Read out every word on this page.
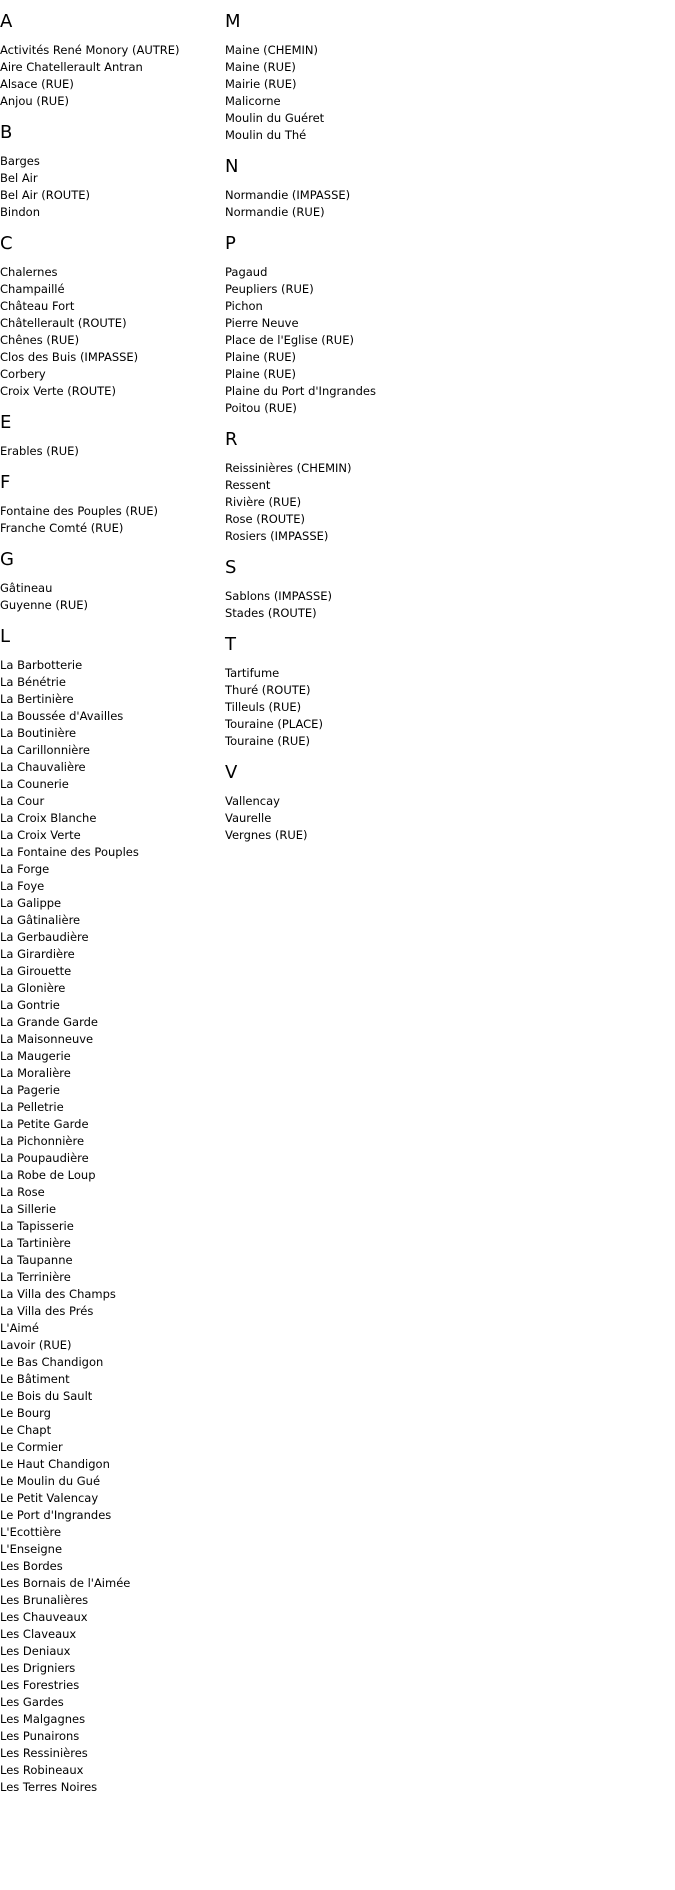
A
Activités René Monory (AUTRE)
Aire Chatellerault Antran
Alsace (RUE)
Anjou (RUE)
B
Barges
Bel Air
Bel Air (ROUTE)
Bindon
C
Chalernes
Champaillé
Château Fort
Châtellerault (ROUTE)
Chênes (RUE)
Clos des Buis (IMPASSE)
Corbery
Croix Verte (ROUTE)
E
Erables (RUE)
F
Fontaine des Pouples (RUE)
Franche Comté (RUE)
G
Gâtineau
Guyenne (RUE)
L
La Barbotterie
La Bénétrie
La Bertinière
La Boussée d'Availles
La Boutinière
La Carillonnière
La Chauvalière
La Counerie
La Cour
La Croix Blanche
La Croix Verte
La Fontaine des Pouples
La Forge
La Foye
La Galippe
La Gâtinalière
La Gerbaudière
La Girardière
La Girouette
La Glonière
La Gontrie
La Grande Garde
La Maisonneuve
La Maugerie
La Moralière
La Pagerie
La Pelletrie
La Petite Garde
La Pichonnière
La Poupaudière
La Robe de Loup
La Rose
La Sillerie
La Tapisserie
La Tartinière
La Taupanne
La Terrinière
La Villa des Champs
La Villa des Prés
L'Aimé
Lavoir (RUE)
Le Bas Chandigon
Le Bâtiment
Le Bois du Sault
Le Bourg
Le Chapt
Le Cormier
Le Haut Chandigon
Le Moulin du Gué
Le Petit Valencay
Le Port d'Ingrandes
L'Ecottière
L'Enseigne
Les Bordes
Les Bornais de l'Aimée
Les Brunalières
Les Chauveaux
Les Claveaux
Les Deniaux
Les Drigniers
Les Forestries
Les Gardes
Les Malgagnes
Les Punairons
Les Ressinières
Les Robineaux
Les Terres Noires
M
Maine (CHEMIN)
Maine (RUE)
Mairie (RUE)
Malicorne
Moulin du Guéret
Moulin du Thé
N
Normandie (IMPASSE)
Normandie (RUE)
P
Pagaud
Peupliers (RUE)
Pichon
Pierre Neuve
Place de l'Eglise (RUE)
Plaine (RUE)
Plaine (RUE)
Plaine du Port d'Ingrandes
Poitou (RUE)
R
Reissinières (CHEMIN)
Ressent
Rivière (RUE)
Rose (ROUTE)
Rosiers (IMPASSE)
S
Sablons (IMPASSE)
Stades (ROUTE)
T
Tartifume
Thuré (ROUTE)
Tilleuls (RUE)
Touraine (PLACE)
Touraine (RUE)
V
Vallencay
Vaurelle
Vergnes (RUE)
